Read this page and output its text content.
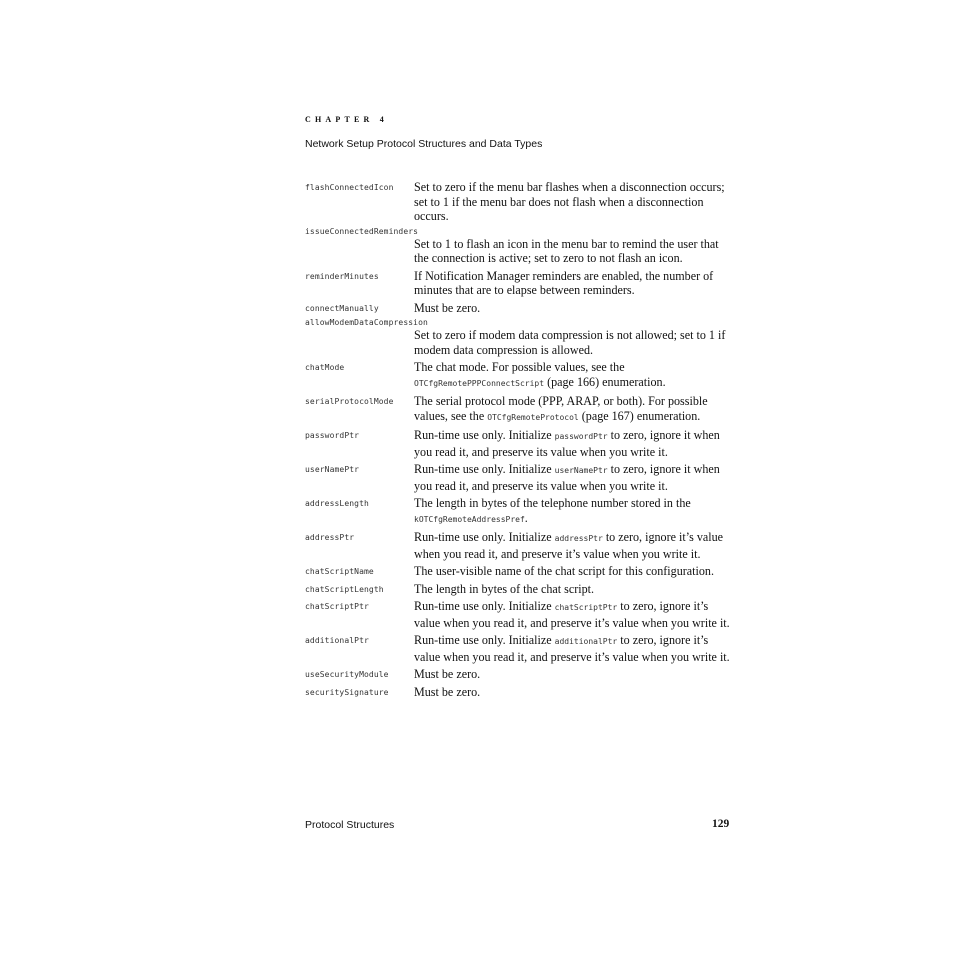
CHAPTER 4
Network Setup Protocol Structures and Data Types
flashConnectedIcon	Set to zero if the menu bar flashes when a disconnection occurs; set to 1 if the menu bar does not flash when a disconnection occurs.
issueConnectedReminders
Set to 1 to flash an icon in the menu bar to remind the user that the connection is active; set to zero to not flash an icon.
reminderMinutes	If Notification Manager reminders are enabled, the number of minutes that are to elapse between reminders.
connectManually	Must be zero.
allowModemDataCompression
Set to zero if modem data compression is not allowed; set to 1 if modem data compression is allowed.
chatMode	The chat mode. For possible values, see the OTCfgRemotePPPConnectScript (page 166) enumeration.
serialProtocolMode	The serial protocol mode (PPP, ARAP, or both). For possible values, see the OTCfgRemoteProtocol (page 167) enumeration.
passwordPtr	Run-time use only. Initialize passwordPtr to zero, ignore it when you read it, and preserve its value when you write it.
userNamePtr	Run-time use only. Initialize userNamePtr to zero, ignore it when you read it, and preserve its value when you write it.
addressLength	The length in bytes of the telephone number stored in the kOTCfgRemoteAddressPref.
addressPtr	Run-time use only. Initialize addressPtr to zero, ignore it’s value when you read it, and preserve it’s value when you write it.
chatScriptName	The user-visible name of the chat script for this configuration.
chatScriptLength	The length in bytes of the chat script.
chatScriptPtr	Run-time use only. Initialize chatScriptPtr to zero, ignore it’s value when you read it, and preserve it’s value when you write it.
additionalPtr	Run-time use only. Initialize additionalPtr to zero, ignore it’s value when you read it, and preserve it’s value when you write it.
useSecurityModule	Must be zero.
securitySignature	Must be zero.
Protocol Structures	129
